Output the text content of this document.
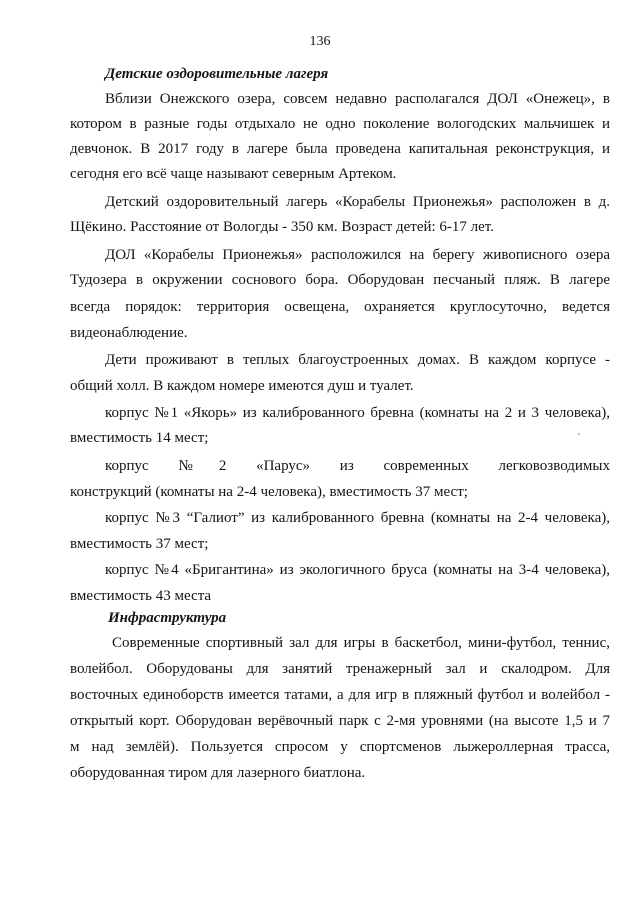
136
Детские оздоровительные лагеря
Вблизи Онежского озера, совсем недавно располагался ДОЛ «Онежец», в
котором в разные годы отдыхало не одно поколение вологодских мальчишек и
девчонок. В 2017 году в лагере была проведена капитальная реконструкция, и
сегодня его всё чаще называют северным Артеком.
Детский оздоровительный лагерь «Корабелы Прионежья» расположен в д.
Щёкино. Расстояние от Вологды - 350 км. Возраст детей: 6-17 лет.
ДОЛ «Корабелы Прионежья» расположился на берегу живописного озера
Тудозера в окружении соснового бора. Оборудован песчаный пляж. В лагере
всегда порядок: территория освещена, охраняется круглосуточно, ведется
видеонаблюдение.
Дети проживают в теплых благоустроенных домах. В каждом корпусе -
общий холл. В каждом номере имеются душ и туалет.
корпус №1 «Якорь» из калиброванного бревна (комнаты на 2 и 3 человека),
вместимость 14 мест;	'
корпус №2 «Парус» из современных легковозводимых
конструкций (комнаты на 2-4 человека), вместимость 37 мест;
корпус №3 “Галиот” из калиброванного бревна (комнаты на 2-4 человека),
вместимость 37 мест;
корпус №4 «Бригантина» из экологичного бруса (комнаты на 3-4 человека),
вместимость 43 места
Инфраструктура
Современные спортивный зал для игры в баскетбол, мини-футбол, теннис,
волейбол. Оборудованы для занятий тренажерный зал и скалодром. Для
восточных единоборств имеется татами, а для игр в пляжный футбол и волейбол -
открытый корт. Оборудован верёвочный парк с 2-мя уровнями (на высоте 1,5 и 7
м над землёй). Пользуется спросом у спортсменов лыжероллерная трасса,
оборудованная тиром для лазерного биатлона.
